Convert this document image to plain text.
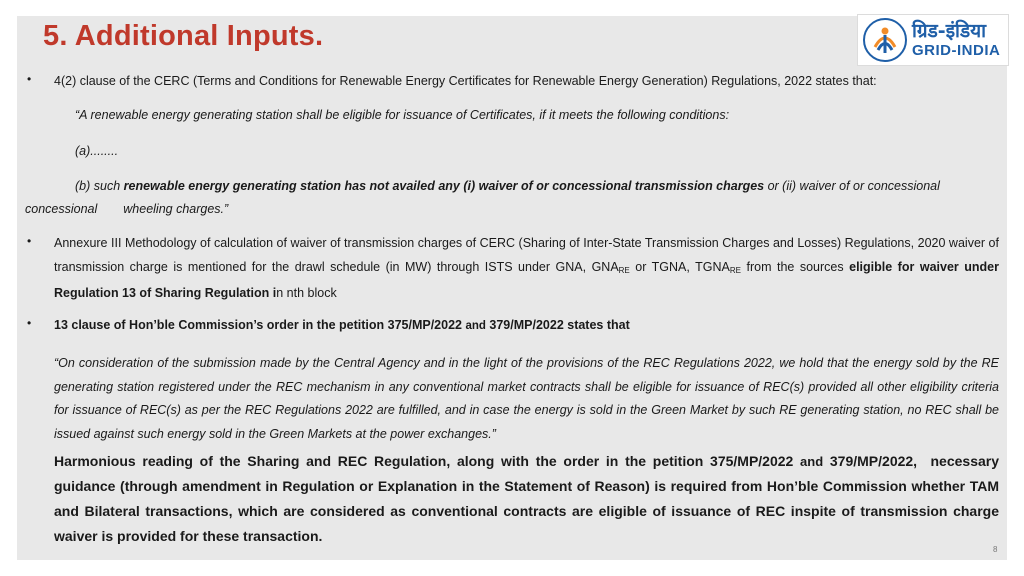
5. Additional Inputs.	ग्रिड-इंडिया
GRID-INDIA
• 4(2) clause of the CERC (Terms and Conditions for Renewable Energy Certificates for Renewable Energy Generation) Regulations, 2022 states that:
“A renewable energy generating station shall be eligible for issuance of Certificates, if it meets the following conditions:
(a)........
(b) such renewable energy generating station has not availed any (i) waiver of or concessional transmission charges or (ii) waiver of or concessional
concessional wheeling charges.”
• Annexure III Methodology of calculation of waiver of transmission charges of CERC (Sharing of Inter-State Transmission Charges and Losses) Regulations, 2020 waiver of transmission charge is mentioned for the drawl schedule (in MW) through ISTS under GNA, $GNA_{RE}$ or TGNA, $TGNA_{RE}$ from the sources eligible for waiver under Regulation 13 of Sharing Regulation in nth block
• 13 clause of Hon’ble Commission’s order in the petition 375/MP/2022 and 379/MP/2022 states that
“On consideration of the submission made by the Central Agency and in the light of the provisions of the REC Regulations 2022, we hold that the energy sold by the RE generating station registered under the REC mechanism in any conventional market contracts shall be eligible for issuance of REC(s) provided all other eligibility criteria for issuance of REC(s) as per the REC Regulations 2022 are fulfilled, and in case the energy is sold in the Green Market by such RE generating station, no REC shall be issued against such energy sold in the Green Markets at the power exchanges.”
Harmonious reading of the Sharing and REC Regulation, along with the order in the petition 375/MP/2022 and 379/MP/2022, necessary guidance (through amendment in Regulation or Explanation in the Statement of Reason) is required from Hon’ble Commission whether TAM and Bilateral transactions, which are considered as conventional contracts are eligible of issuance of REC inspite of transmission charge waiver is provided for these transaction.
8
